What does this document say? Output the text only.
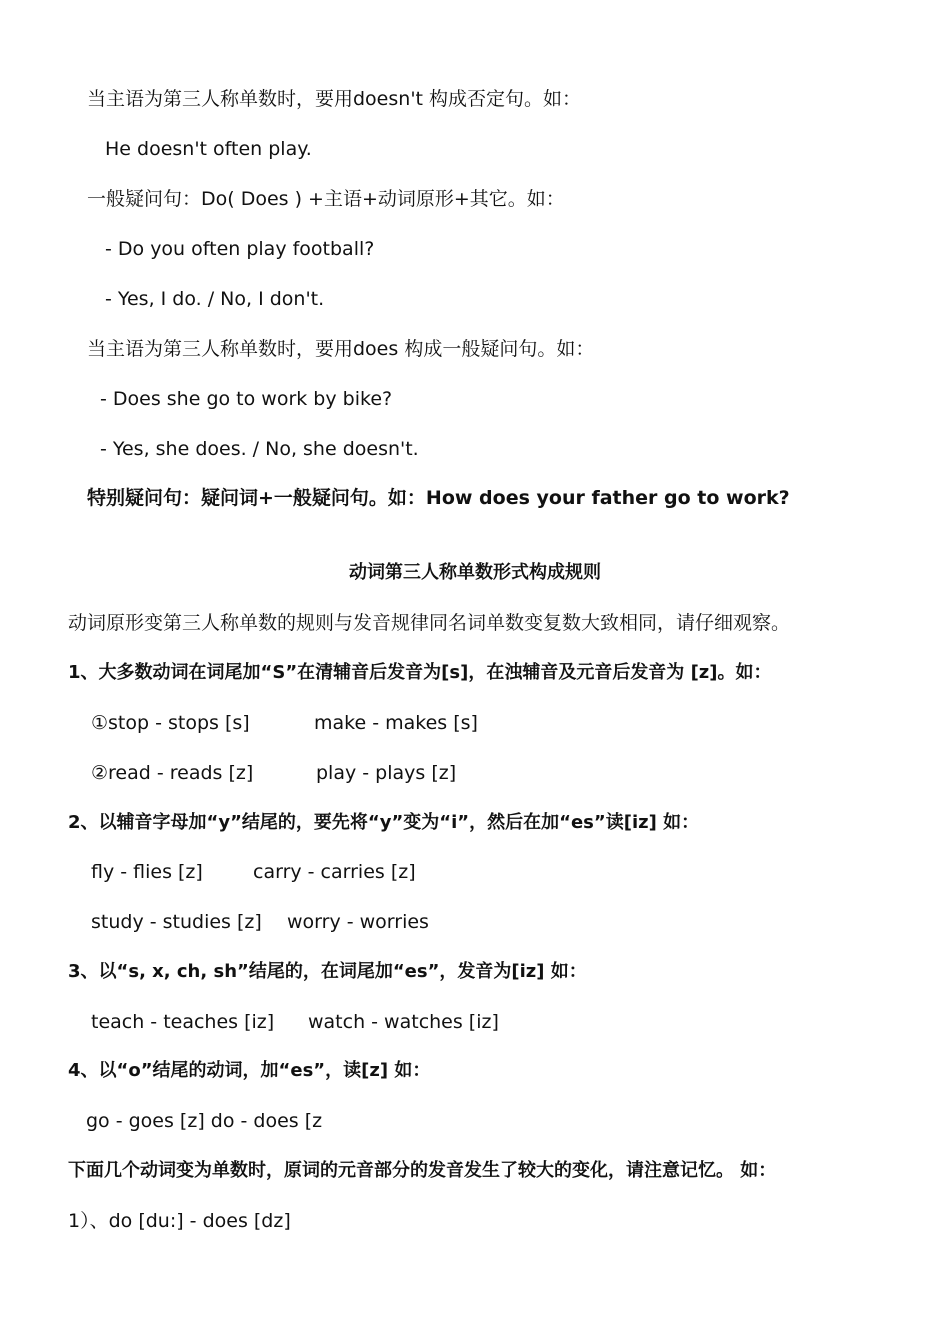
当主语为第三人称单数时，要用doesn't 构成否定句。如：
He doesn't often play.
一般疑问句：Do( Does ) +主语+动词原形+其它。如：
- Do you often play football?
- Yes, I do. / No, I don't.
当主语为第三人称单数时，要用does 构成一般疑问句。如：
- Does she go to work by bike?
- Yes, she does. / No, she doesn't.
特别疑问句：疑问词+一般疑问句。如：How does your father go to work?
动词第三人称单数形式构成规则
动词原形变第三人称单数的规则与发音规律同名词单数变复数大致相同，请仔细观察。
1、大多数动词在词尾加“S”在清辅音后发音为[s]，在浊辅音及元音后发音为 [z]。如：
①stop - stops [s]	make - makes [s]
②read - reads [z]	play - plays [z]
2、以辅音字母加“y”结尾的，要先将“y”变为“i”，然后在加“es”读[iz] 如：
fly - flies [z]	carry - carries [z]
study - studies [z] worry - worries
3、以“s, x, ch, sh”结尾的，在词尾加“es”，发音为[iz] 如：
teach - teaches [iz] watch - watches [iz]
4、以“o”结尾的动词，加“es”，读[z] 如：
go - goes [z] do - does [z
下面几个动词变为单数时，原词的元音部分的发音发生了较大的变化，请注意记忆。 如：
1）、do [du:] - does [dz]
